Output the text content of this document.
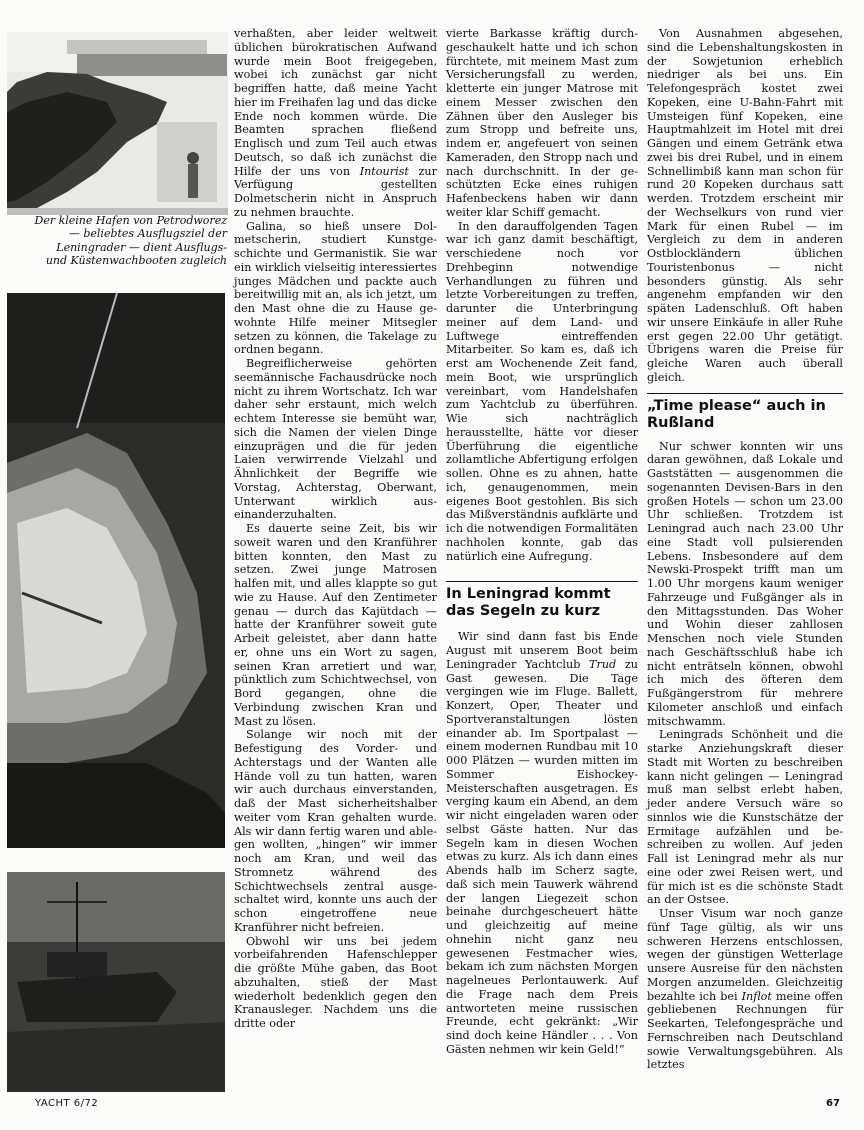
Der kleine Hafen von Petrodworez
— beliebtes Ausflugsziel der
Leningrader — dient Ausflugs-
und Küstenwachbooten zugleich

verhaßten, aber leider weltweit üblichen bürokratischen Aufwand wurde mein Boot freigegeben, wobei ich zunächst gar nicht begriffen hatte, daß meine Yacht hier im Freihafen lag und das dicke Ende noch kommen würde. Die Beamten sprachen fließend Englisch und zum Teil auch etwas Deutsch, so daß ich zunächst die Hilfe der uns von Intourist zur Verfügung gestellten Dolmetscherin nicht in Anspruch zu nehmen brauchte.

Galina, so hieß unsere Dolmetscherin, studiert Kunstgeschichte und Germanistik. Sie war ein wirklich vielseitig interessiertes junges Mädchen und packte auch bereitwillig mit an, als ich jetzt, um den Mast ohne die zu Hause gewohnte Hilfe meiner Mitsegler setzen zu können, die Takelage zu ordnen begann.

Begreiflicherweise gehörten seemännische Fachausdrücke noch nicht zu ihrem Wortschatz. Ich war daher sehr erstaunt, mich welch echtem Interesse sie bemüht war, sich die Namen der vielen Dinge einzuprägen und die für jeden Laien verwirrende Vielzahl und Ähnlichkeit der Begriffe wie Vorstag, Achterstag, Oberwant, Unterwant wirklich auseinanderzuhalten.

Es dauerte seine Zeit, bis wir soweit waren und den Kranführer bitten konnten, den Mast zu setzen. Zwei junge Matrosen halfen mit, und alles klappte so gut wie zu Hause. Auf den Zentimeter genau — durch das Kajütdach — hatte der Kranführer soweit gute Arbeit geleistet, aber dann hatte er, ohne uns ein Wort zu sagen, seinen Kran arretiert und war, pünktlich zum Schichtwechsel, von Bord gegangen, ohne die Verbindung zwischen Kran und Mast zu lösen.

Solange wir noch mit der Befestigung des Vorder- und Achterstags und der Wanten alle Hände voll zu tun hatten, waren wir auch durchaus einverstanden, daß der Mast sicherheitshalber weiter vom Kran gehalten wurde. Als wir dann fertig waren und ablegen wollten, „hingen“ wir immer noch am Kran, und weil das Stromnetz während des Schichtwechsels zentral ausgeschaltet wird, konnte uns auch der schon eingetroffene neue Kranführer nicht befreien.

Obwohl wir uns bei jedem vorbeifahrenden Hafenschlepper die größte Mühe gaben, das Boot abzuhalten, stieß der Mast wiederholt bedenklich gegen den Kranausleger. Nachdem uns die dritte oder

vierte Barkasse kräftig durchgeschaukelt hatte und ich schon fürchtete, mit meinem Mast zum Versicherungsfall zu werden, kletterte ein junger Matrose mit einem Messer zwischen den Zähnen über den Ausleger bis zum Stropp und befreite uns, indem er, angefeuert von seinen Kameraden, den Stropp nach und nach durchschnitt. In der geschützten Ecke eines ruhigen Hafenbeckens haben wir dann weiter klar Schiff gemacht.

In den darauffolgenden Tagen war ich ganz damit beschäftigt, verschiedene noch vor Drehbeginn notwendige Verhandlungen zu führen und letzte Vorbereitungen zu treffen, darunter die Unterbringung meiner auf dem Land- und Luftwege eintreffenden Mitarbeiter. So kam es, daß ich erst am Wochenende Zeit fand, mein Boot, wie ursprünglich vereinbart, vom Handelshafen zum Yachtclub zu überführen. Wie sich nachträglich herausstellte, hätte vor dieser Überführung die eigentliche zollamtliche Abfertigung erfolgen sollen. Ohne es zu ahnen, hatte ich, genaugenommen, mein eigenes Boot gestohlen. Bis sich das Mißverständnis aufklärte und ich die notwendigen Formalitäten nachholen konnte, gab das natürlich eine Aufregung.

In Leningrad kommt das Segeln zu kurz

Wir sind dann fast bis Ende August mit unserem Boot beim Leningrader Yachtclub Trud zu Gast gewesen. Die Tage vergingen wie im Fluge. Ballett, Konzert, Oper, Theater und Sportveranstaltungen lösten einander ab. Im Sportpalast — einem modernen Rundbau mit 10 000 Plätzen — wurden mitten im Sommer Eishockey-Meisterschaften ausgetragen. Es verging kaum ein Abend, an dem wir nicht eingeladen waren oder selbst Gäste hatten. Nur das Segeln kam in diesen Wochen etwas zu kurz. Als ich dann eines Abends halb im Scherz sagte, daß sich mein Tauwerk während der langen Liegezeit schon beinahe durchgescheuert hätte und gleichzeitig auf meine ohnehin nicht ganz neu gewesenen Festmacher wies, bekam ich zum nächsten Morgen nagelneues Perlontauwerk. Auf die Frage nach dem Preis antworteten meine russischen Freunde, echt gekränkt: „Wir sind doch keine Händler . . . Von Gästen nehmen wir kein Geld!“

Von Ausnahmen abgesehen, sind die Lebenshaltungskosten in der Sowjetunion erheblich niedriger als bei uns. Ein Telefongespräch kostet zwei Kopeken, eine U-Bahn-Fahrt mit Umsteigen fünf Kopeken, eine Hauptmahlzeit im Hotel mit drei Gängen und einem Getränk etwa zwei bis drei Rubel, und in einem Schnellimbiß kann man schon für rund 20 Kopeken durchaus satt werden. Trotzdem erscheint mir der Wechselkurs von rund vier Mark für einen Rubel — im Vergleich zu dem in anderen Ostblockländern üblichen Touristenbonus — nicht besonders günstig. Als sehr angenehm empfanden wir den späten Ladenschluß. Oft haben wir unsere Einkäufe in aller Ruhe erst gegen 22.00 Uhr getätigt. Übrigens waren die Preise für gleiche Waren auch überall gleich.

„Time please“ auch in Rußland

Nur schwer konnten wir uns daran gewöhnen, daß Lokale und Gaststätten — ausgenommen die sogenannten Devisen-Bars in den großen Hotels — schon um 23.00 Uhr schließen. Trotzdem ist Leningrad auch nach 23.00 Uhr eine Stadt voll pulsierenden Lebens. Insbesondere auf dem Newski-Prospekt trifft man um 1.00 Uhr morgens kaum weniger Fahrzeuge und Fußgänger als in den Mittagsstunden. Das Woher und Wohin dieser zahllosen Menschen noch viele Stunden nach Geschäftsschluß habe ich nicht enträtseln können, obwohl ich mich des öfteren dem Fußgängerstrom für mehrere Kilometer anschloß und einfach mitschwamm.

Leningrads Schönheit und die starke Anziehungskraft dieser Stadt mit Worten zu beschreiben kann nicht gelingen — Leningrad muß man selbst erlebt haben, jeder andere Versuch wäre so sinnlos wie die Kunstschätze der Ermitage aufzählen und beschreiben zu wollen. Auf jeden Fall ist Leningrad mehr als nur eine oder zwei Reisen wert, und für mich ist es die schönste Stadt an der Ostsee.

Unser Visum war noch ganze fünf Tage gültig, als wir uns schweren Herzens entschlossen, wegen der günstigen Wetterlage unsere Ausreise für den nächsten Morgen anzumelden. Gleichzeitig bezahlte ich bei Inflot meine offen gebliebenen Rechnungen für Seekarten, Telefongespräche und Fernschreiben nach Deutschland sowie Verwaltungsgebühren. Als letztes

YACHT 6/72	67
